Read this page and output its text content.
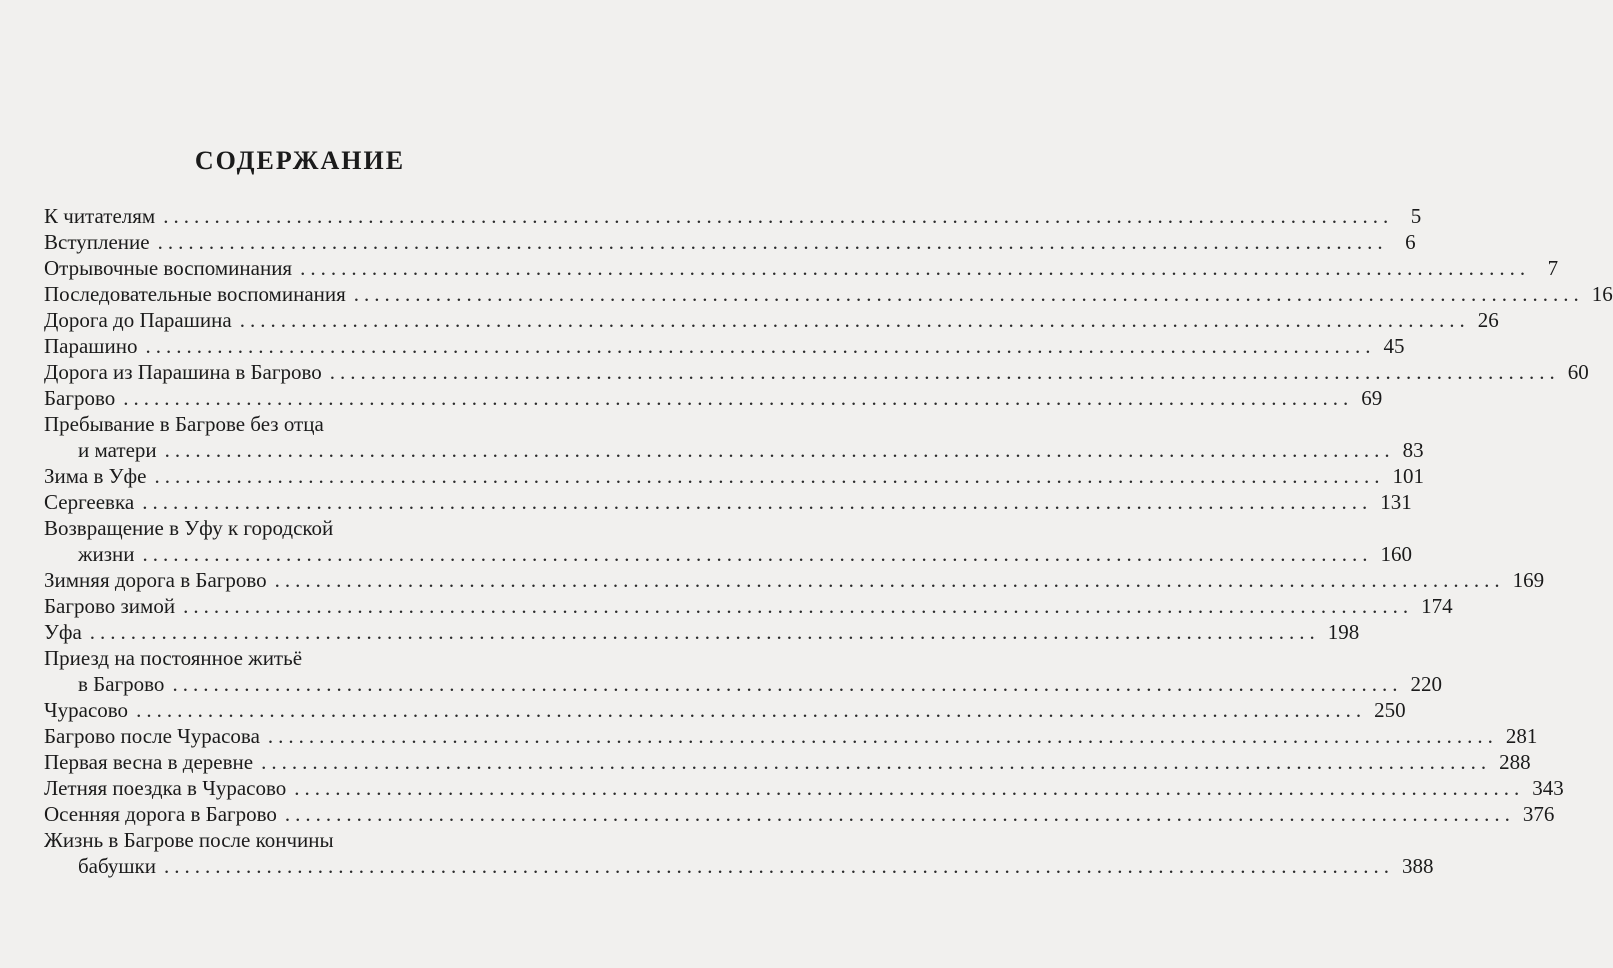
СОДЕРЖАНИЕ
К читателям ........................................................................................................................ 5
Вступление ........................................................................................................................ 6
Отрывочные воспоминания ........................................................................................................................ 7
Последовательные воспоминания ........................................................................................................................ 16
Дорога до Парашина ........................................................................................................................ 26
Парашино ........................................................................................................................ 45
Дорога из Парашина в Багрово ........................................................................................................................ 60
Багрово ........................................................................................................................ 69
Пребывание в Багрове без отца
и матери ........................................................................................................................ 83
Зима в Уфе ........................................................................................................................ 101
Сергеевка ........................................................................................................................ 131
Возвращение в Уфу к городской
жизни ........................................................................................................................ 160
Зимняя дорога в Багрово ........................................................................................................................ 169
Багрово зимой ........................................................................................................................ 174
Уфа ........................................................................................................................ 198
Приезд на постоянное житьё
в Багрово ........................................................................................................................ 220
Чурасово ........................................................................................................................ 250
Багрово после Чурасова ........................................................................................................................ 281
Первая весна в деревне ........................................................................................................................ 288
Летняя поездка в Чурасово ........................................................................................................................ 343
Осенняя дорога в Багрово ........................................................................................................................ 376
Жизнь в Багрове после кончины
бабушки ........................................................................................................................ 388
